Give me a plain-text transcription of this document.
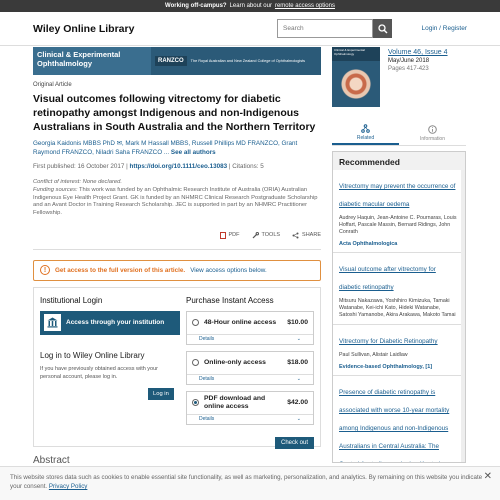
Working off-campus? Learn about our remote access options
Wiley Online Library	Search	Login / Register
Clinical & Experimental
Ophthalmology	RANZCO	The Royal Australian and New Zealand College of Ophthalmologists
Original Article
Visual outcomes following vitrectomy for diabetic retinopathy amongst Indigenous and non-Indigenous Australians in South Australia and the Northern Territory
Georgia Kaidonis MBBS PhD ✉, Mark M Hassall MBBS, Russell Phillips MD FRANZCO, Grant Raymond FRANZCO, Niladri Saha FRANZCO ... See all authors
First published: 16 October 2017 | https://doi.org/10.1111/ceo.13083 | Citations: 5
Conflict of interest: None declared.
Funding sources: This work was funded by an Ophthalmic Research Institute of Australia (ORIA) Australian Indigenous Eye Health Project Grant. GK is funded by an NHMRC Clinical Research Postgraduate Scholarship and an Avant Doctor in Training Research Scholarship. JEC is supported in part by an NHMRC Practitioner Fellowship.
PDF	TOOLS	SHARE
!	Get access to the full version of this article. View access options below.
Institutional Login
Access through your institution
Log in to Wiley Online Library
If you have previously obtained access with your personal account, please log in.
Log in
Purchase Instant Access
48-Hour online access	$10.00
Details	⌄
Online-only access	$18.00
Details	⌄
PDF download and online access	$42.00
Details	⌄
Check out
Abstract
Clinical & Experimental Ophthalmology	Volume 46, Issue 4
May/June 2018
Pages 417-423
Related	Information
Recommended
Vitrectomy may prevent the occurrence of diabetic macular oedema
Audrey Haquin, Jean-Antoine C. Pournaras, Louis Hoffart, Pascale Massin, Bernard Ridings, John Conrath
Acta Ophthalmologica
Visual outcome after vitrectomy for diabetic retinopathy
Mitsuru Nakazawa, Yoshihiro Kimizuka, Tamaki Watanabe, Kei-ichi Kato, Hideki Watanabe, Satoshi Yamanobe, Akira Arakawa, Makoto Tamai
Vitrectomy for Diabetic Retinopathy
Paul Sullivan, Alistair Laidlaw
Evidence-based Ophthalmology, [1]
Presence of diabetic retinopathy is associated with worse 10-year mortality among Indigenous and non-Indigenous Australians in Central Australia: The
This website stores data such as cookies to enable essential site functionality, as well as marketing, personalization, and analytics. By remaining on this website you indicate your consent. Privacy Policy
✕
